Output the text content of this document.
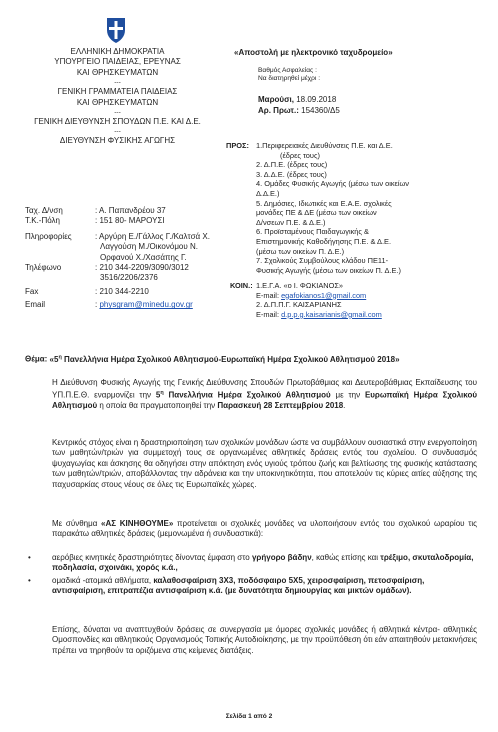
ΕΛΛΗΝΙΚΗ ΔΗΜΟΚΡΑΤΙΑ
ΥΠΟΥΡΓΕΙΟ ΠΑΙΔΕΙΑΣ, ΕΡΕΥΝΑΣ
ΚΑΙ ΘΡΗΣΚΕΥΜΑΤΩΝ
---
ΓΕΝΙΚΗ ΓΡΑΜΜΑΤΕΙΑ ΠΑΙΔΕΙΑΣ
ΚΑΙ ΘΡΗΣΚΕΥΜΑΤΩΝ
---
ΓΕΝΙΚΗ ΔΙΕΥΘΥΝΣΗ ΣΠΟΥΔΩΝ Π.Ε. ΚΑΙ Δ.Ε.
---
ΔΙΕΥΘΥΝΣΗ ΦΥΣΙΚΗΣ ΑΓΩΓΗΣ
«Αποστολή με ηλεκτρονικό ταχυδρομείο»
Βαθμός Ασφαλείας :
Να διατηρηθεί μέχρι :
Μαρούσι, 18.09.2018
Αρ. Πρωτ.: 154360/Δ5
Ταχ. Δ/νση	: Α. Παπανδρέου 37
Τ.Κ.-Πόλη	: 151 80- ΜΑΡΟΥΣΙ
Πληροφορίες	: Αργύρη Ε./Γάλλος Γ./Καλτσά Χ.
Λαγγούση Μ./Οικονόμου Ν.
Ορφανού Χ./Χασάπης Γ.
Τηλέφωνο	: 210 344-2209/3090/3012
3516/2206/2376
Fax	: 210 344-2210
Email	: physgram@minedu.gov.gr
ΠΡΟΣ: 1.Περιφερειακές Διευθύνσεις Π.Ε. και Δ.Ε.
(έδρες τους)
2. Δ.Π.Ε. (έδρες τους)
3. Δ.Δ.Ε. (έδρες τους)
4. Ομάδες Φυσικής Αγωγής (μέσω των οικείων
Δ.Δ.Ε.)
5. Δημόσιες, Ιδιωτικές και Ε.Α.Ε. σχολικές
μονάδες ΠΕ & ΔΕ (μέσω των οικείων
Δ/νσεων Π.Ε. & Δ.Ε.)
6. Προϊσταμένους Παιδαγωγικής &
Επιστημονικής Καθοδήγησης Π.Ε. & Δ.Ε.
(μέσω των οικείων Π. Δ.Ε.)
7. Σχολικούς Συμβούλους κλάδου ΠΕ11-
Φυσικής Αγωγής (μέσω των οικείων Π. Δ.Ε.)
ΚΟΙΝ.: 1.Ε.Γ.Α. «ο Ι. ΦΩΚΙΑΝΟΣ»
E-mail: egafokianos1@gmail.com
2. Δ.Π.Π.Γ. ΚΑΙΣΑΡΙΑΝΗΣ
E-mail: d.p.p.g.kaisarianis@gmail.com
Θέμα: «$5^\eta$ Πανελλήνια Ημέρα Σχολικού Αθλητισμού-Ευρωπαϊκή Ημέρα Σχολικού Αθλητισμού 2018»
Η Διεύθυνση Φυσικής Αγωγής της Γενικής Διεύθυνσης Σπουδών Πρωτοβάθμιας και Δευτεροβάθμιας Εκπαίδευσης του ΥΠ.Π.Ε.Θ. εναρμονίζει την $5^\eta$ Πανελλήνια Ημέρα Σχολικού Αθλητισμού με την Ευρωπαϊκή Ημέρα Σχολικού Αθλητισμού η οποία θα πραγματοποιηθεί την Παρασκευή 28 Σεπτεμβρίου 2018.
Κεντρικός στόχος είναι η δραστηριοποίηση των σχολικών μονάδων ώστε να συμβάλλουν ουσιαστικά στην ενεργοποίηση των μαθητών/τριών για συμμετοχή τους σε οργανωμένες αθλητικές δράσεις εντός του σχολείου. Ο συνδυασμός ψυχαγωγίας και άσκησης θα οδηγήσει στην απόκτηση ενός υγιούς τρόπου ζωής και βελτίωσης της φυσικής κατάστασης των μαθητών/τριών, απoβάλλοντας την αδράνεια και την υποκινητικότητα, που αποτελούν τις κύριες αιτίες αύξησης της παχυσαρκίας στους νέους σε όλες τις Ευρωπαϊκές χώρες.
Με σύνθημα «ΑΣ ΚΙΝΗΘΟΥΜΕ» προτείνεται οι σχολικές μονάδες να υλοποιήσουν εντός του σχολικού ωραρίου τις παρακάτω αθλητικές δράσεις (μεμονωμένα ή συνδυαστικά):
•	αερόβιες κινητικές δραστηριότητες δίνοντας έμφαση στο γρήγορο βάδην, καθώς επίσης και τρέξιμο, σκυταλοδρομία, ποδηλασία, σχοινάκι, χορός κ.ά.,
•	ομαδικά -ατομικά αθλήματα, καλαθοσφαίριση 3Χ3, ποδόσφαιρο 5Χ5, χειροσφαίριση, πετοσφαίριση, αντισφαίριση, επιτραπέζια αντισφαίριση κ.ά. (με δυνατότητα δημιουργίας και μικτών ομάδων).
Επίσης, δύναται να αναπτυχθούν δράσεις σε συνεργασία με όμορες σχολικές μονάδες ή αθλητικά κέντρα- αθλητικές Ομοσπονδίες και αθλητικούς Οργανισμούς Τοπικής Αυτοδιοίκησης, με την προϋπόθεση ότι εάν απαιτηθούν μετακινήσεις πρέπει να τηρηθούν τα οριζόμενα στις κείμενες διατάξεις.
Σελίδα 1 από 2
